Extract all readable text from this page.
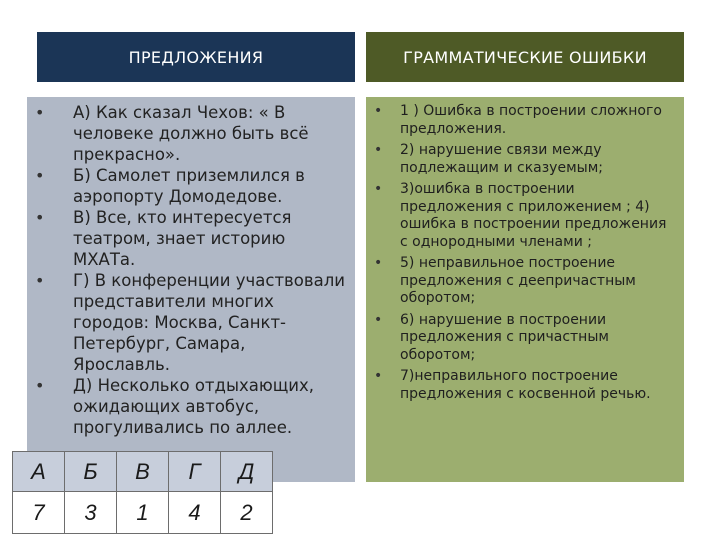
ПРЕДЛОЖЕНИЯ	ГРАММАТИЧЕСКИЕ ОШИБКИ
• А) Как сказал Чехов: « В человеке должно быть всё прекрасно».
• Б) Самолет приземлился в аэропорту Домодедове.
• В) Все, кто интересуется театром, знает историю МХАТа.
• Г) В конференции участвовали представители многих городов: Москва, Санкт-Петербург, Самара, Ярославль.
• Д) Несколько отдыхающих, ожидающих автобус, прогуливались по аллее.
• 1 ) Ошибка в построении сложного предложения.
• 2) нарушение связи между подлежащим и сказуемым;
• 3)ошибка в построении предложения с приложением ; 4) ошибка в построении предложения с однородными членами ;
• 5) неправильное построение предложения с деепричастным оборотом;
• 6) нарушение в построении предложения с причастным оборотом;
• 7)неправильного построение предложения с косвенной речью.
А	Б	В	Г	Д
7	3	1	4	2
